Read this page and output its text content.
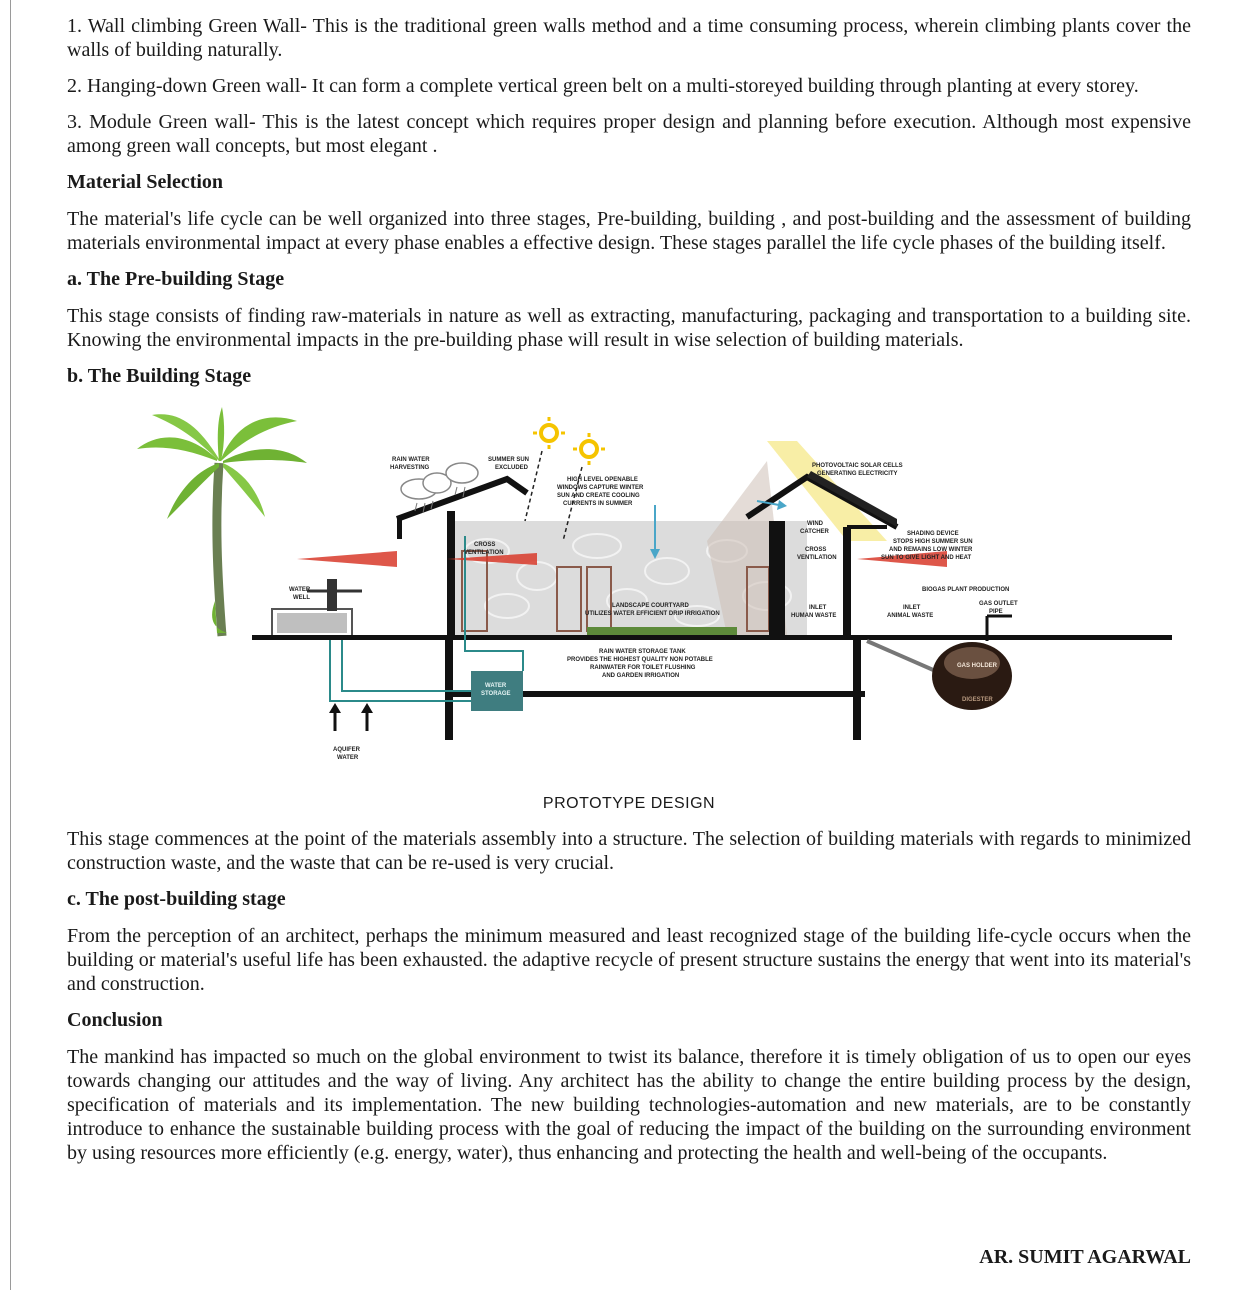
1. Wall climbing Green Wall- This is the traditional green walls method and a time consuming process, wherein climbing plants cover the walls of building naturally.

2. Hanging-down Green wall- It can form a complete vertical green belt on a multi-storeyed building through planting at every storey.

3. Module Green wall- This is the latest concept which requires proper design and planning before execution. Although most expensive among green wall concepts, but most elegant .

Material Selection

The material's life cycle can be well organized into three stages, Pre-building, building , and post-building and the assessment of building materials environmental impact at every phase enables a effective design. These stages parallel the life cycle phases of the building itself.

a. The Pre-building Stage

This stage consists of finding raw-materials in nature as well as extracting, manufacturing, packaging and transportation to a building site. Knowing the environmental impacts in the pre-building phase will result in wise selection of building materials.

b. The Building Stage
WATER WELL
RAIN WATER HARVESTING
SUMMER SUN EXCLUDED
HIGH LEVEL OPENABLE WINDOWS CAPTURE WINTER SUN AND CREATE COOLING CURRENTS IN SUMMER
CROSS VENTILATION
PHOTOVOLTAIC SOLAR CELLS GENERATING ELECTRICITY
WIND CATCHER
CROSS VENTILATION
SHADING DEVICE STOPS HIGH SUMMER SUN AND REMAINS LOW WINTER SUN TO GIVE LIGHT AND HEAT
BIOGAS PLANT PRODUCTION
GAS OUTLET PIPE
INLET ANIMAL WASTE
INLET HUMAN WASTE
LANDSCAPE COURTYARD UTILIZES WATER EFFICIENT DRIP IRRIGATION
WATER STORAGE
RAIN WATER STORAGE TANK PROVIDES THE HIGHEST QUALITY NON POTABLE RAINWATER FOR TOILET FLUSHING AND GARDEN IRRIGATION
GAS HOLDER
DIGESTER
AQUIFER WATER
PROTOTYPE DESIGN

This stage commences at the point of the materials assembly into a structure. The selection of building materials with regards to minimized construction waste, and the waste that can be re-used is very crucial.

c. The post-building stage

From the perception of an architect, perhaps the minimum measured and least recognized stage of the building life-cycle occurs when the building or material's useful life has been exhausted. the adaptive recycle of present structure sustains the energy that went into its material's and construction.

Conclusion

The mankind has impacted so much on the global environment to twist its balance, therefore it is timely obligation of us to open our eyes towards changing our attitudes and the way of living. Any architect has the ability to change the entire building process by the design, specification of materials and its implementation. The new building technologies-automation and new materials, are to be constantly introduce to enhance the sustainable building process with the goal of reducing the impact of the building on the surrounding environment by using resources more efficiently (e.g. energy, water), thus enhancing and protecting the health and well-being of the occupants.

AR. SUMIT AGARWAL
